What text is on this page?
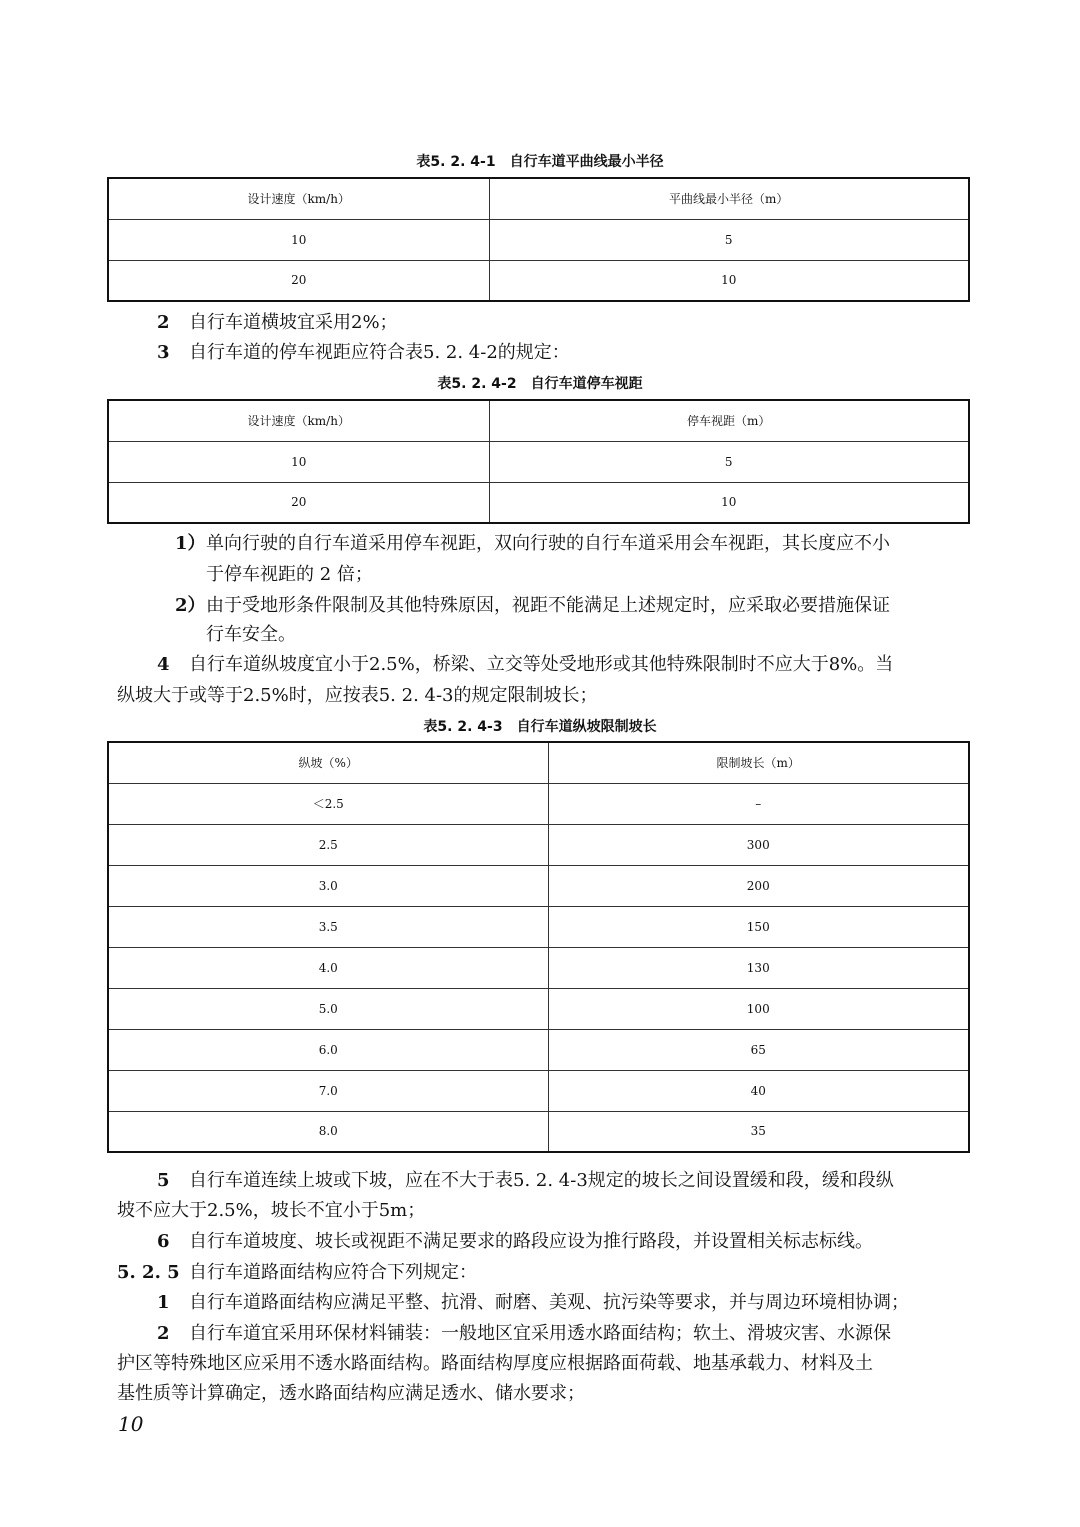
表5. 2. 4-1　自行车道平曲线最小半径
设计速度（km/h）	平曲线最小半径（m）
10	5
20	10
2 自行车道横坡宜采用2%；
3 自行车道的停车视距应符合表5. 2. 4-2的规定：
表5. 2. 4-2　自行车道停车视距
设计速度（km/h）	停车视距（m）
10	5
20	10
1）单向行驶的自行车道采用停车视距，双向行驶的自行车道采用会车视距，其长度应不小
于停车视距的 2 倍；
2）由于受地形条件限制及其他特殊原因，视距不能满足上述规定时，应采取必要措施保证
行车安全。
4 自行车道纵坡度宜小于2.5%，桥梁、立交等处受地形或其他特殊限制时不应大于8%。当
纵坡大于或等于2.5%时，应按表5. 2. 4-3的规定限制坡长；
表5. 2. 4-3　自行车道纵坡限制坡长
纵坡（%）	限制坡长（m）
＜2.5	–
2.5	300
3.0	200
3.5	150
4.0	130
5.0	100
6.0	65
7.0	40
8.0	35
5 自行车道连续上坡或下坡，应在不大于表5. 2. 4-3规定的坡长之间设置缓和段，缓和段纵
坡不应大于2.5%，坡长不宜小于5m；
6 自行车道坡度、坡长或视距不满足要求的路段应设为推行路段，并设置相关标志标线。
5. 2. 5 自行车道路面结构应符合下列规定：
1 自行车道路面结构应满足平整、抗滑、耐磨、美观、抗污染等要求，并与周边环境相协调；
2 自行车道宜采用环保材料铺装：一般地区宜采用透水路面结构；软土、滑坡灾害、水源保
护区等特殊地区应采用不透水路面结构。路面结构厚度应根据路面荷载、地基承载力、材料及土
基性质等计算确定，透水路面结构应满足透水、储水要求；
10
